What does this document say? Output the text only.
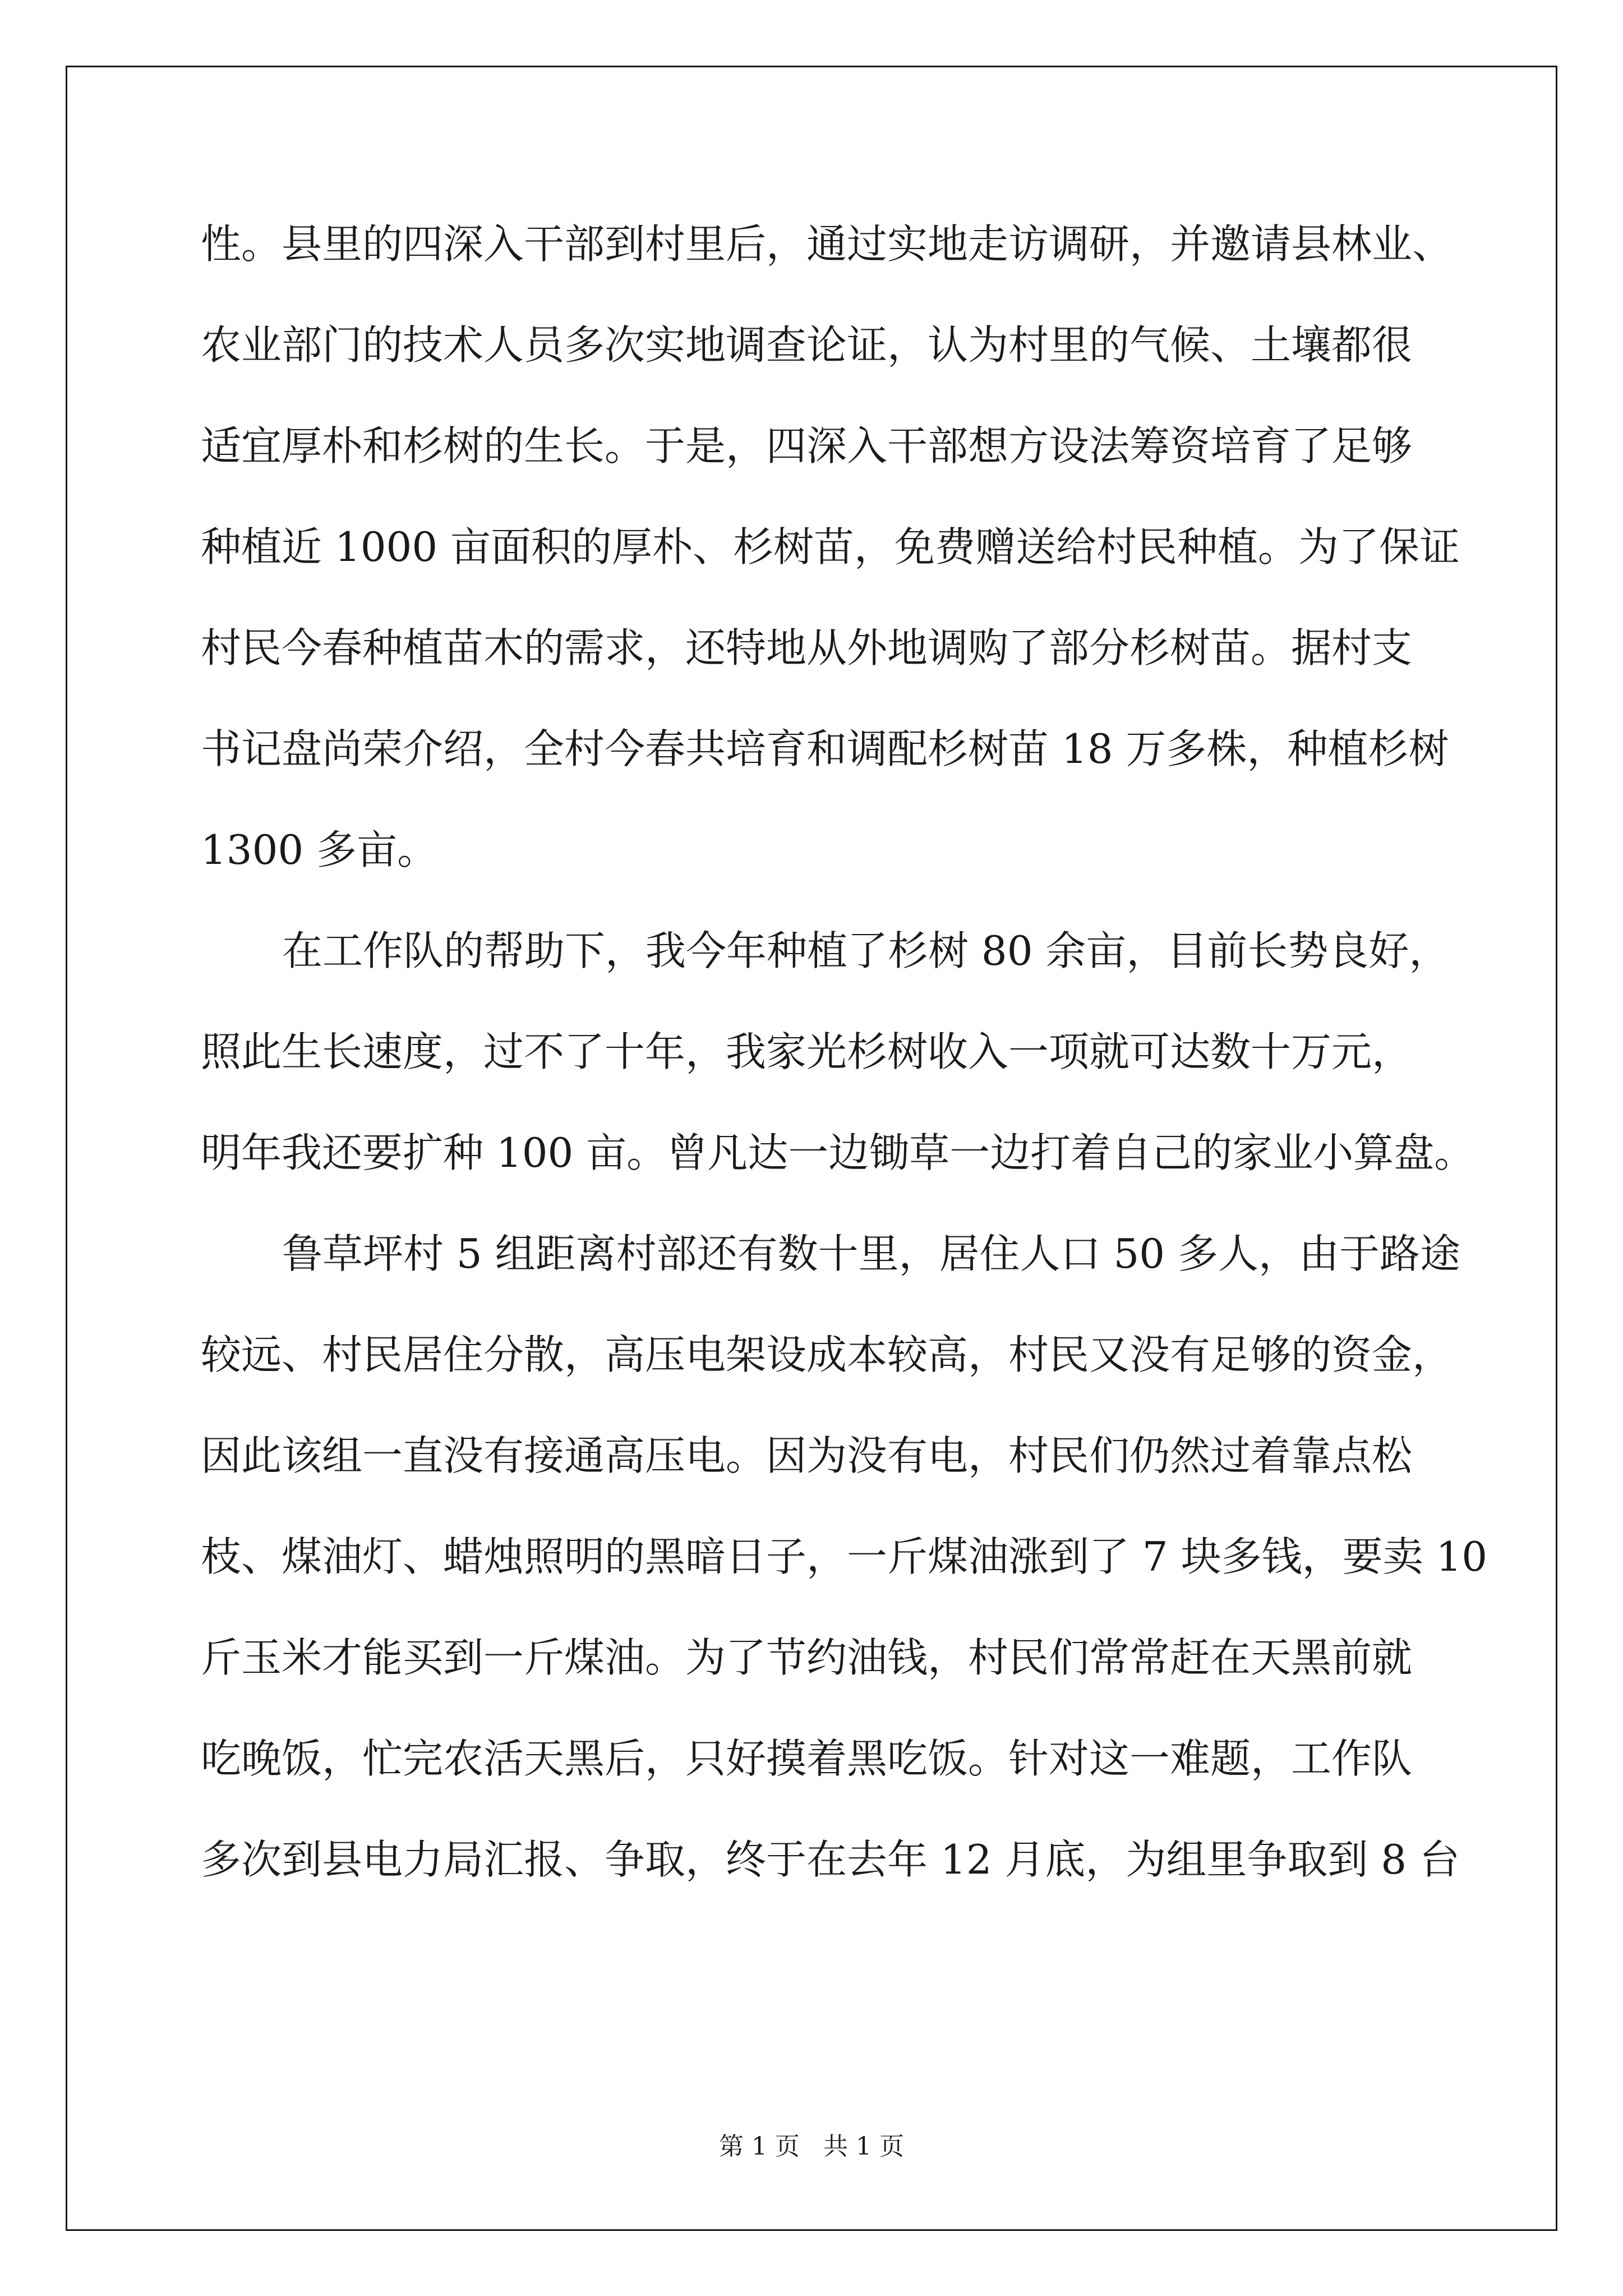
性。县里的四深入干部到村里后，通过实地走访调研，并邀请县林业、
农业部门的技术人员多次实地调查论证，认为村里的气候、土壤都很
适宜厚朴和杉树的生长。于是，四深入干部想方设法筹资培育了足够
种植近 1000 亩面积的厚朴、杉树苗，免费赠送给村民种植。为了保证
村民今春种植苗木的需求，还特地从外地调购了部分杉树苗。据村支
书记盘尚荣介绍，全村今春共培育和调配杉树苗 18 万多株，种植杉树
1300 多亩。
在工作队的帮助下，我今年种植了杉树 80 余亩，目前长势良好，
照此生长速度，过不了十年，我家光杉树收入一项就可达数十万元，
明年我还要扩种 100 亩。曾凡达一边锄草一边打着自己的家业小算盘。
鲁草坪村 5 组距离村部还有数十里，居住人口 50 多人，由于路途
较远、村民居住分散，高压电架设成本较高，村民又没有足够的资金，
因此该组一直没有接通高压电。因为没有电，村民们仍然过着靠点松
枝、煤油灯、蜡烛照明的黑暗日子，一斤煤油涨到了 7 块多钱，要卖 10
斤玉米才能买到一斤煤油。为了节约油钱，村民们常常赶在天黑前就
吃晚饭，忙完农活天黑后，只好摸着黑吃饭。针对这一难题，工作队
多次到县电力局汇报、争取，终于在去年 12 月底，为组里争取到 8 台
第 1 页   共 1 页
